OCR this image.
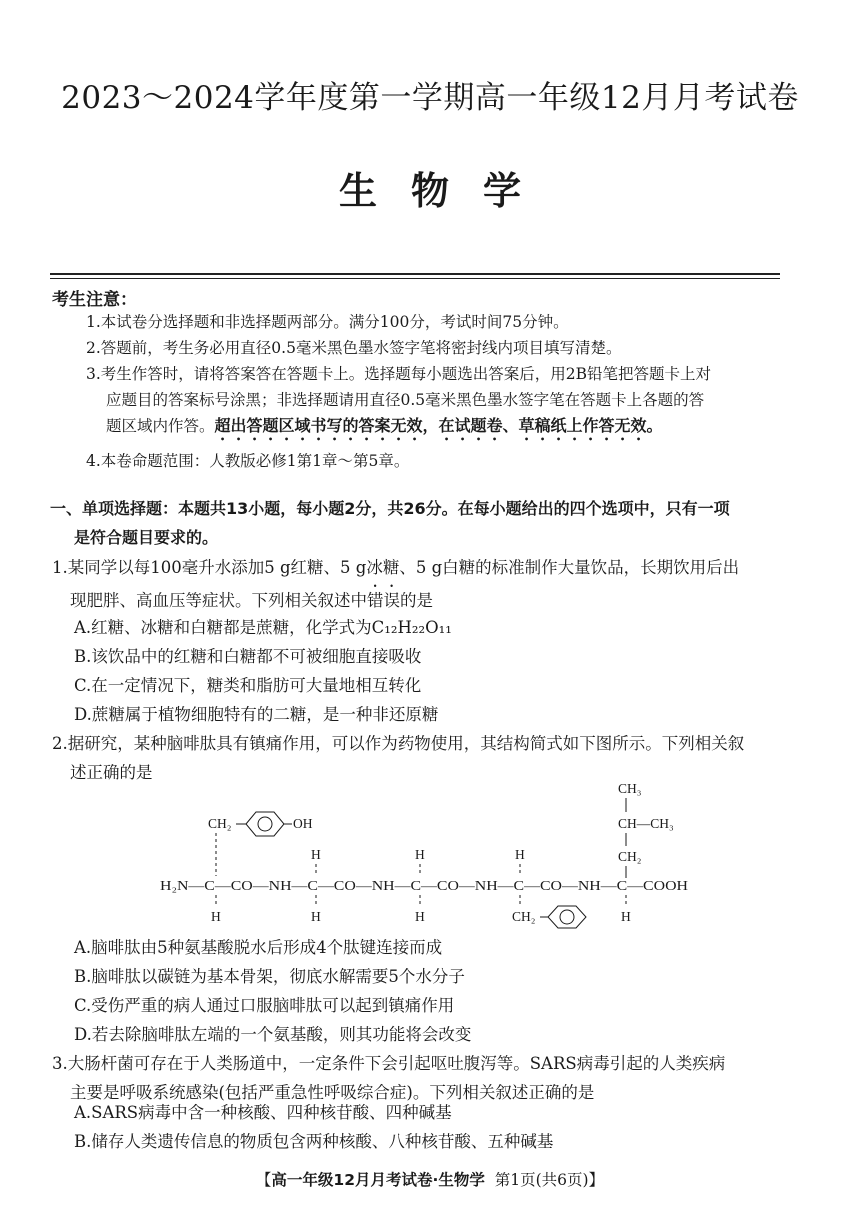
2023～2024学年度第一学期高一年级12月月考试卷
生物学
考生注意：
1.本试卷分选择题和非选择题两部分。满分100分，考试时间75分钟。
2.答题前，考生务必用直径0.5毫米黑色墨水签字笔将密封线内项目填写清楚。
3.考生作答时，请将答案答在答题卡上。选择题每小题选出答案后，用2B铅笔把答题卡上对
应题目的答案标号涂黑；非选择题请用直径0.5毫米黑色墨水签字笔在答题卡上各题的答
题区域内作答。超出答题区域书写的答案无效，在试题卷、草稿纸上作答无效。
4.本卷命题范围：人教版必修1第1章～第5章。
一、单项选择题：本题共13小题，每小题2分，共26分。在每小题给出的四个选项中，只有一项
是符合题目要求的。
1.某同学以每100毫升水添加5 g红糖、5 g冰糖、5 g白糖的标准制作大量饮品，长期饮用后出
现肥胖、高血压等症状。下列相关叙述中错误的是
A.红糖、冰糖和白糖都是蔗糖，化学式为C₁₂H₂₂O₁₁
B.该饮品中的红糖和白糖都不可被细胞直接吸收
C.在一定情况下，糖类和脂肪可大量地相互转化
D.蔗糖属于植物细胞特有的二糖，是一种非还原糖
2.据研究，某种脑啡肽具有镇痛作用，可以作为药物使用，其结构简式如下图所示。下列相关叙
述正确的是
CH₃
CH—CH₃
CH₂
CH₂	OH
H	H	H
H₂N—C—CO—NH—C—CO—NH—C—CO—NH—C—CO—NH—C—COOH
H	H	H	CH₂	H
A.脑啡肽由5种氨基酸脱水后形成4个肽键连接而成
B.脑啡肽以碳链为基本骨架，彻底水解需要5个水分子
C.受伤严重的病人通过口服脑啡肽可以起到镇痛作用
D.若去除脑啡肽左端的一个氨基酸，则其功能将会改变
3.大肠杆菌可存在于人类肠道中，一定条件下会引起呕吐腹泻等。SARS病毒引起的人类疾病
主要是呼吸系统感染(包括严重急性呼吸综合症)。下列相关叙述正确的是
A.SARS病毒中含一种核酸、四种核苷酸、四种碱基
B.储存人类遗传信息的物质包含两种核酸、八种核苷酸、五种碱基
【高一年级12月月考试卷·生物学 第1页(共6页)】
